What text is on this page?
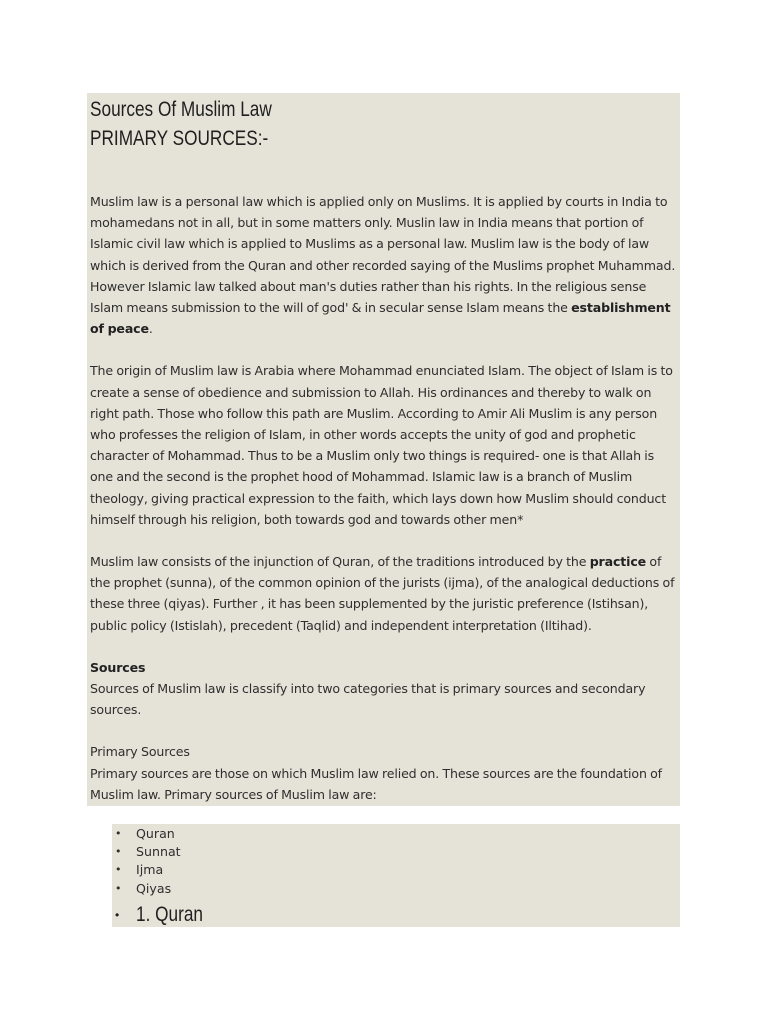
Sources Of Muslim Law
PRIMARY SOURCES:-

Muslim law is a personal law which is applied only on Muslims. It is applied by courts in India to mohamedans not in all, but in some matters only. Muslin law in India means that portion of Islamic civil law which is applied to Muslims as a personal law. Muslim law is the body of law which is derived from the Quran and other recorded saying of the Muslims prophet Muhammad. However Islamic law talked about man's duties rather than his rights. In the religious sense Islam means submission to the will of god' & in secular sense Islam means the establishment of peace.

The origin of Muslim law is Arabia where Mohammad enunciated Islam. The object of Islam is to create a sense of obedience and submission to Allah. His ordinances and thereby to walk on right path. Those who follow this path are Muslim. According to Amir Ali Muslim is any person who professes the religion of Islam, in other words accepts the unity of god and prophetic character of Mohammad. Thus to be a Muslim only two things is required- one is that Allah is one and the second is the prophet hood of Mohammad. Islamic law is a branch of Muslim theology, giving practical expression to the faith, which lays down how Muslim should conduct himself through his religion, both towards god and towards other men*

Muslim law consists of the injunction of Quran, of the traditions introduced by the practice of the prophet (sunna), of the common opinion of the jurists (ijma), of the analogical deductions of these three (qiyas). Further , it has been supplemented by the juristic preference (Istihsan), public policy (Istislah), precedent (Taqlid) and independent interpretation (Iltihad).

Sources

Sources of Muslim law is classify into two categories that is primary sources and secondary sources.

Primary Sources

Primary sources are those on which Muslim law relied on. These sources are the foundation of Muslim law. Primary sources of Muslim law are:

• Quran
• Sunnat
• Ijma
• Qiyas
• 1. Quran
